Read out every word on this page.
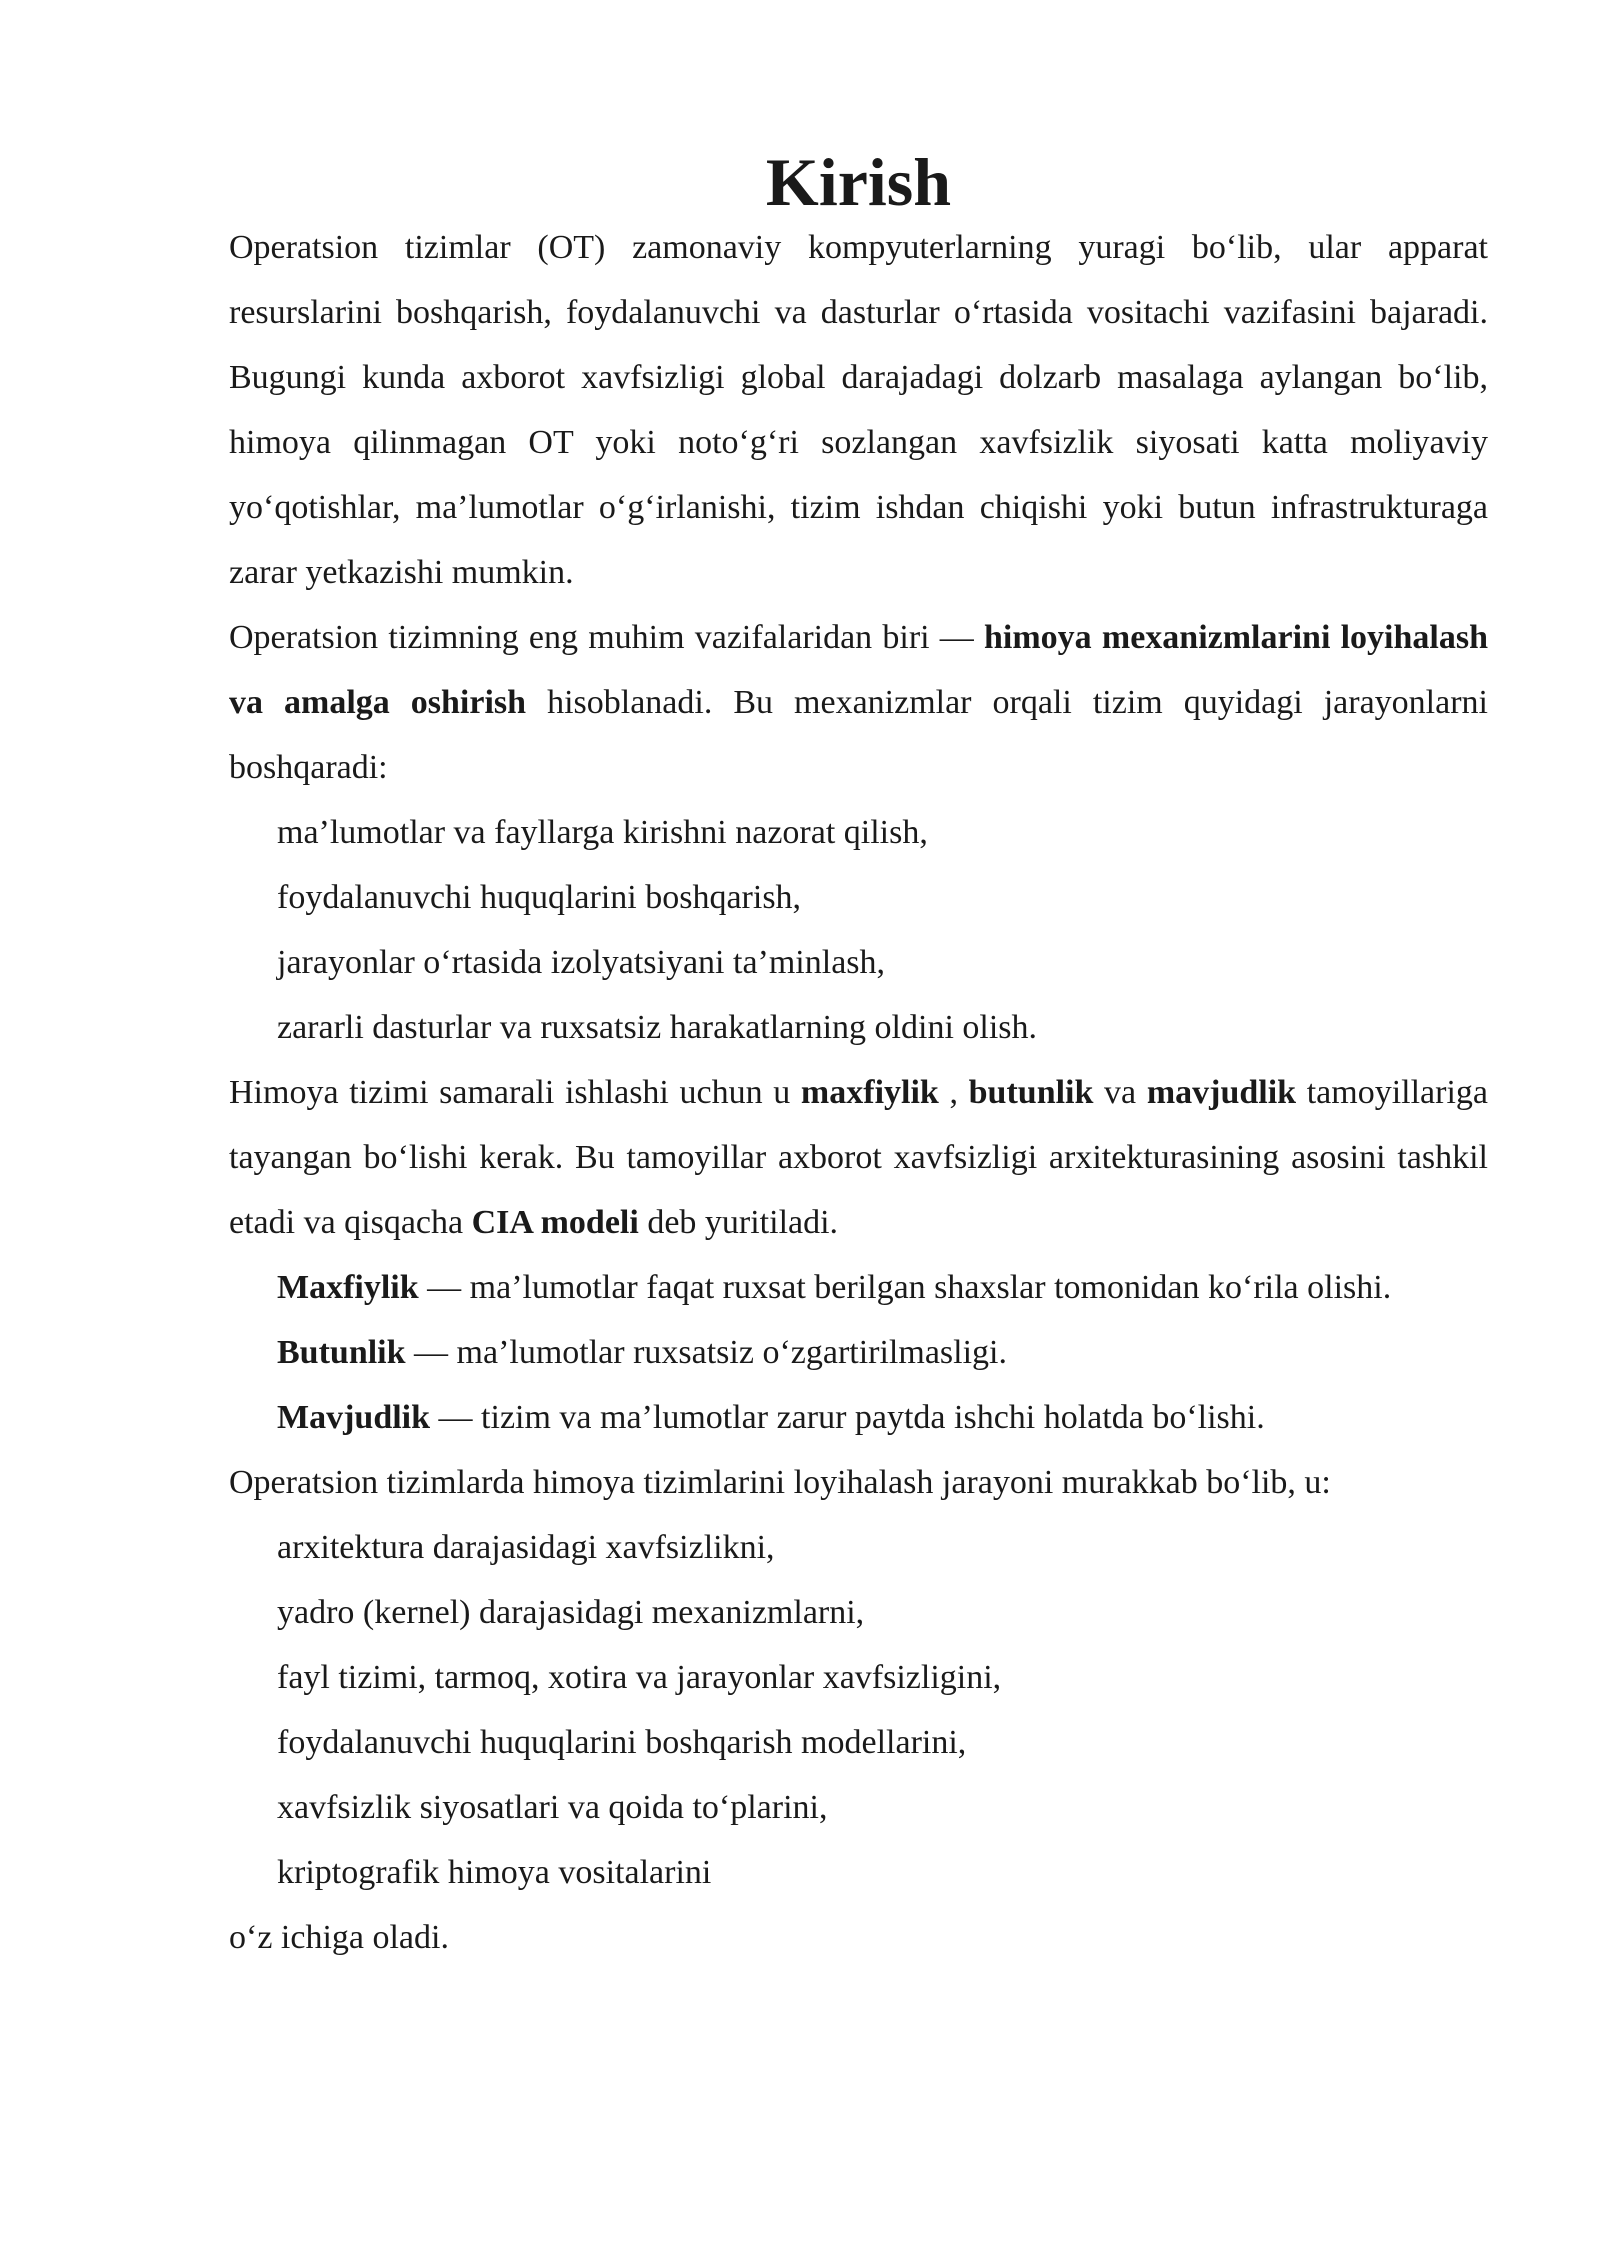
Kirish

Operatsion tizimlar (OT) zamonaviy kompyuterlarning yuragi bo‘lib, ular apparat resurslarini boshqarish, foydalanuvchi va dasturlar o‘rtasida vositachi vazifasini bajaradi. Bugungi kunda axborot xavfsizligi global darajadagi dolzarb masalaga aylangan bo‘lib, himoya qilinmagan OT yoki noto‘g‘ri sozlangan xavfsizlik siyosati katta moliyaviy yo‘qotishlar, ma’lumotlar o‘g‘irlanishi, tizim ishdan chiqishi yoki butun infrastrukturaga zarar yetkazishi mumkin.

Operatsion tizimning eng muhim vazifalaridan biri — himoya mexanizmlarini loyihalash va amalga oshirish hisoblanadi. Bu mexanizmlar orqali tizim quyidagi jarayonlarni boshqaradi:

ma’lumotlar va fayllarga kirishni nazorat qilish,

foydalanuvchi huquqlarini boshqarish,

jarayonlar o‘rtasida izolyatsiyani ta’minlash,

zararli dasturlar va ruxsatsiz harakatlarning oldini olish.

Himoya tizimi samarali ishlashi uchun u maxfiylik , butunlik va mavjudlik tamoyillariga tayangan bo‘lishi kerak. Bu tamoyillar axborot xavfsizligi arxitekturasining asosini tashkil etadi va qisqacha CIA modeli deb yuritiladi.

Maxfiylik — ma’lumotlar faqat ruxsat berilgan shaxslar tomonidan ko‘rila olishi.

Butunlik — ma’lumotlar ruxsatsiz o‘zgartirilmasligi.

Mavjudlik — tizim va ma’lumotlar zarur paytda ishchi holatda bo‘lishi.

Operatsion tizimlarda himoya tizimlarini loyihalash jarayoni murakkab bo‘lib, u:

arxitektura darajasidagi xavfsizlikni,

yadro (kernel) darajasidagi mexanizmlarni,

fayl tizimi, tarmoq, xotira va jarayonlar xavfsizligini,

foydalanuvchi huquqlarini boshqarish modellarini,

xavfsizlik siyosatlari va qoida to‘plarini,

kriptografik himoya vositalarini

o‘z ichiga oladi.
